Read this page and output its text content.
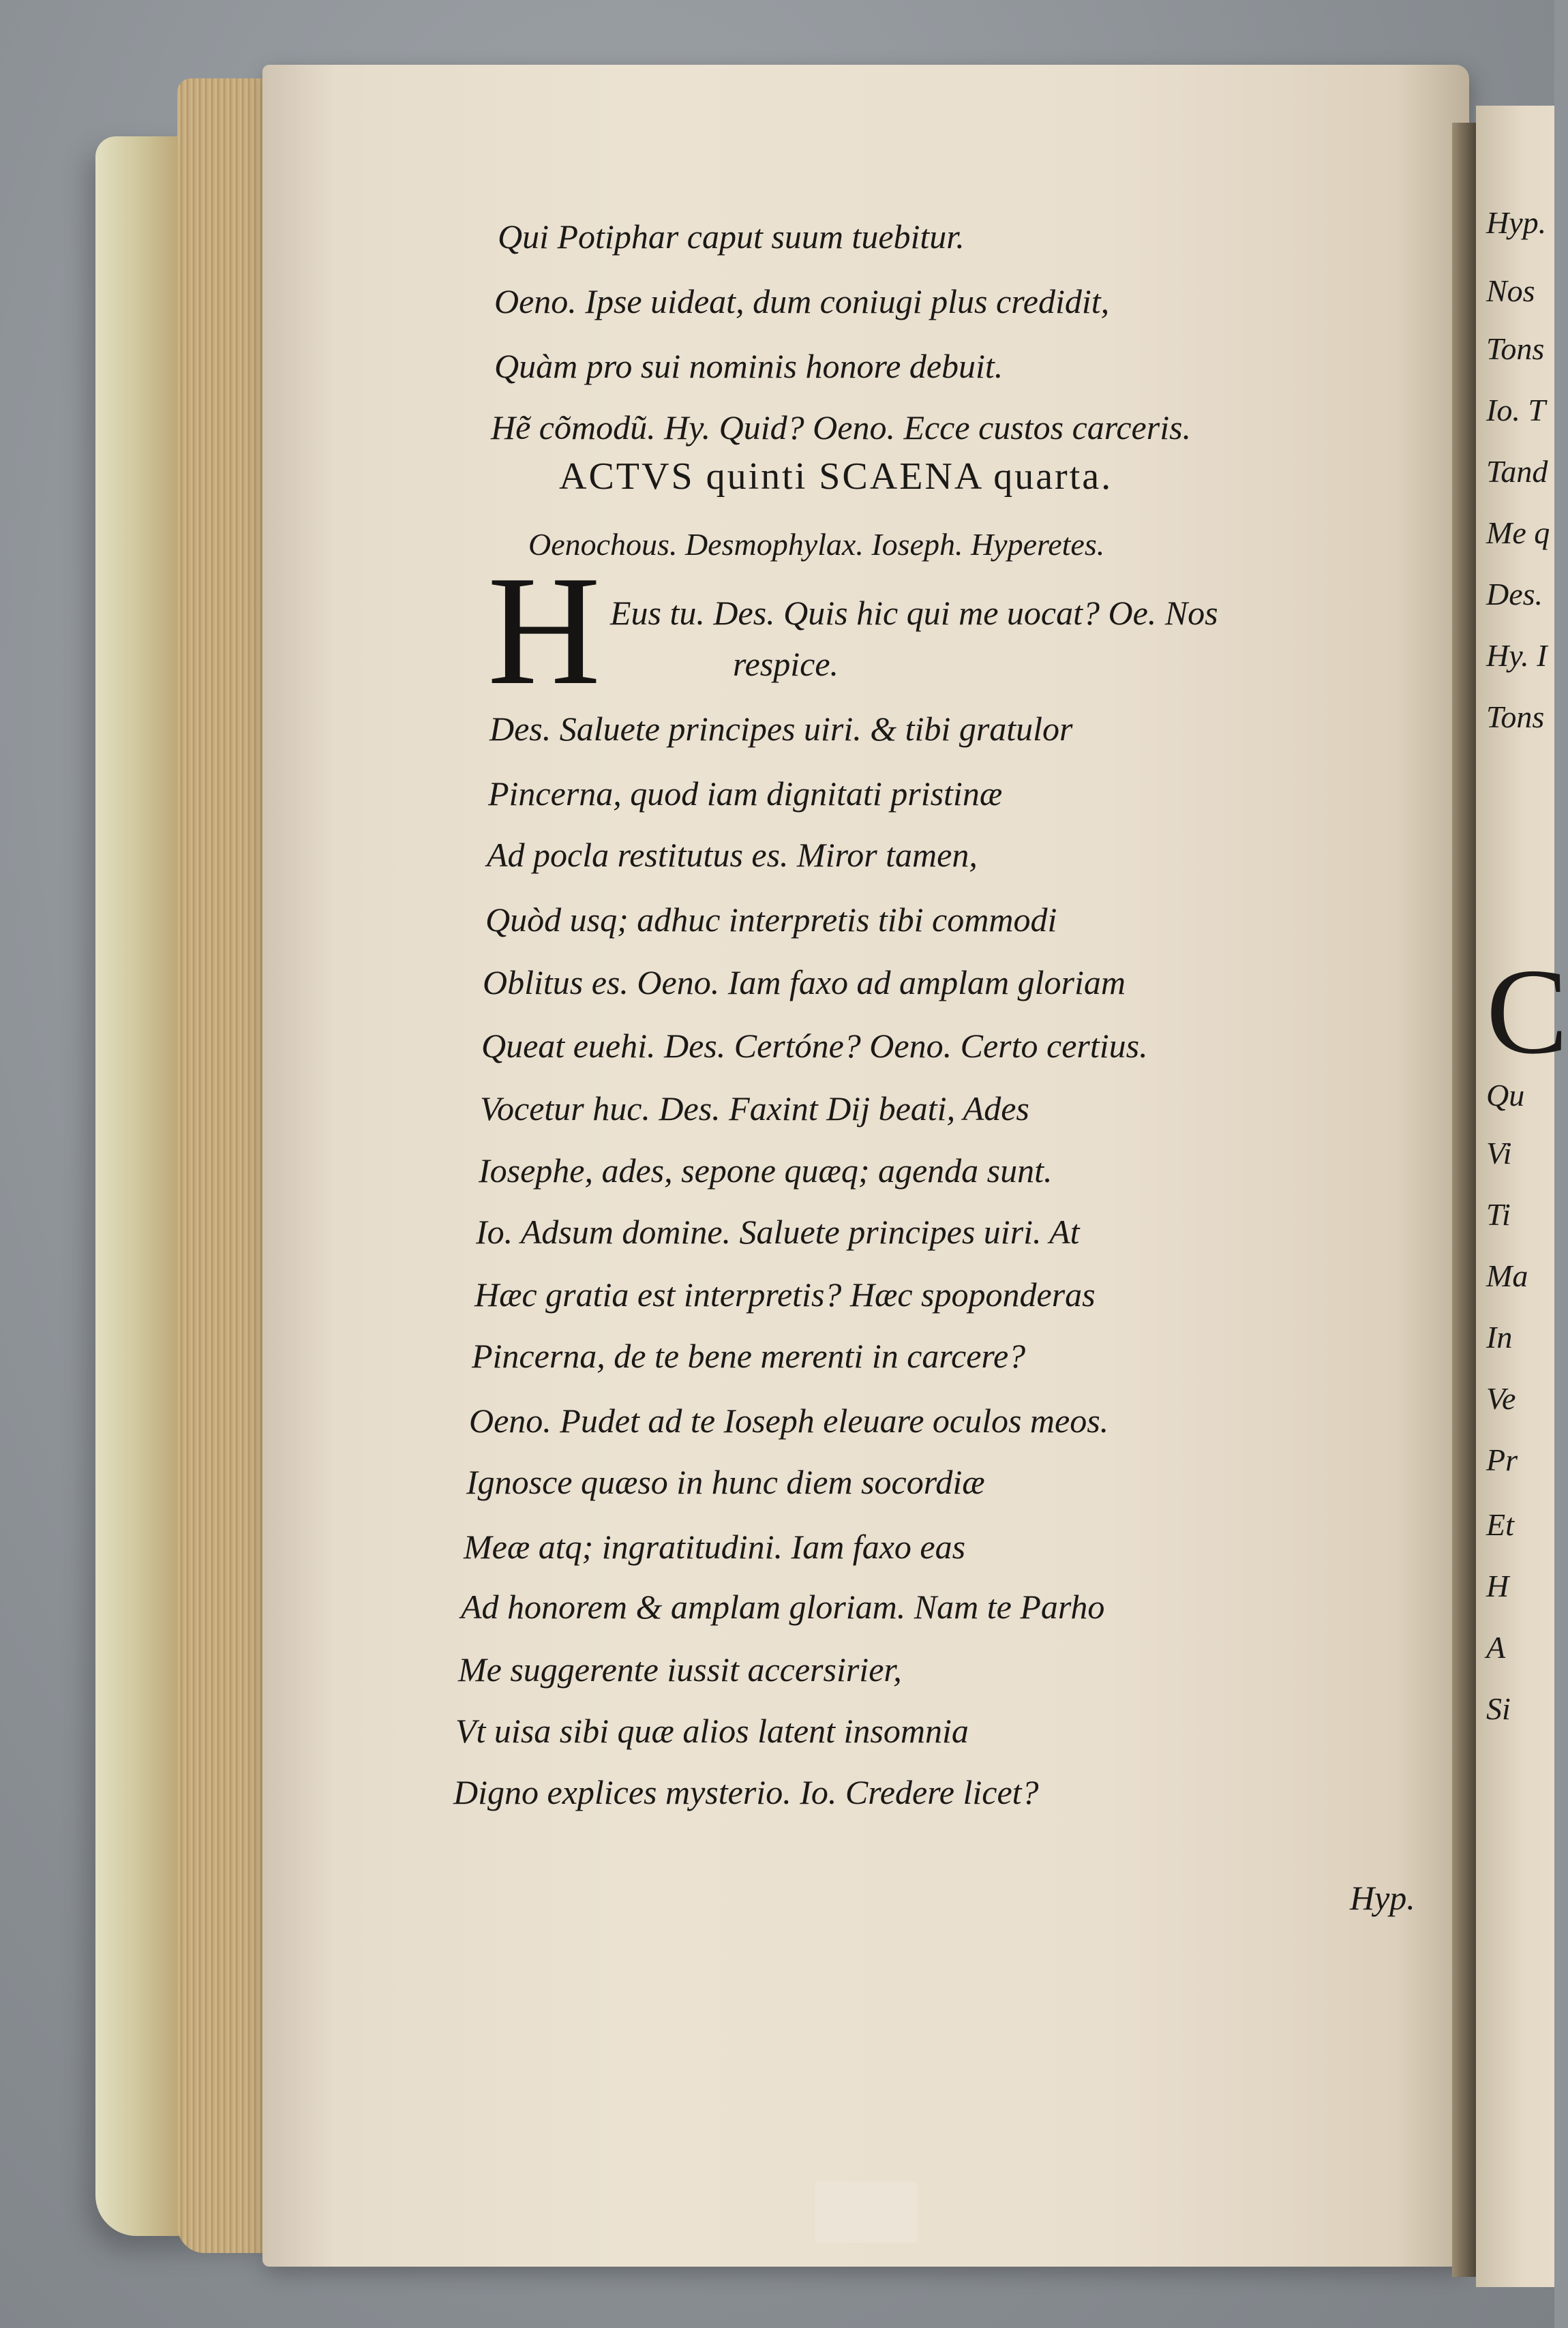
Qui Potiphar caput suum tuebitur.
Oeno. Ipse uideat, dum coniugi plus credidit,
Quàm pro sui nominis honore debuit.
Hẽ cõmodũ. Hy. Quid? Oeno. Ecce custos carceris.
ACTVS quinti SCAENA quarta.
Oenochous. Desmophylax. Ioseph. Hyperetes.
H Eus tu. Des. Quis hic qui me uocat? Oe. Nos
respice.
Des. Saluete principes uiri. & tibi gratulor
Pincerna, quod iam dignitati pristinæ
Ad pocla restitutus es. Miror tamen,
Quòd usq; adhuc interpretis tibi commodi
Oblitus es. Oeno. Iam faxo ad amplam gloriam
Queat euehi. Des. Certóne? Oeno. Certo certius.
Vocetur huc. Des. Faxint Dij beati, Ades
Iosephe, ades, sepone quæq; agenda sunt.
Io. Adsum domine. Saluete principes uiri. At
Hæc gratia est interpretis? Hæc spoponderas
Pincerna, de te bene merenti in carcere?
Oeno. Pudet ad te Ioseph eleuare oculos meos.
Ignosce quæso in hunc diem socordiæ
Meæ atq; ingratitudini. Iam faxo eas
Ad honorem & amplam gloriam. Nam te Parho
Me suggerente iussit accersirier,
Vt uisa sibi quæ alios latent insomnia
Digno explices mysterio. Io. Credere licet?
Hyp.
Hyp.
Nos
Tons
Io. T
Tand
Me q
Des.
Hy. I
Tons
C
Qu
Vi
Ti
Ma
In
Ve
Pr
Et
H
A
Si
